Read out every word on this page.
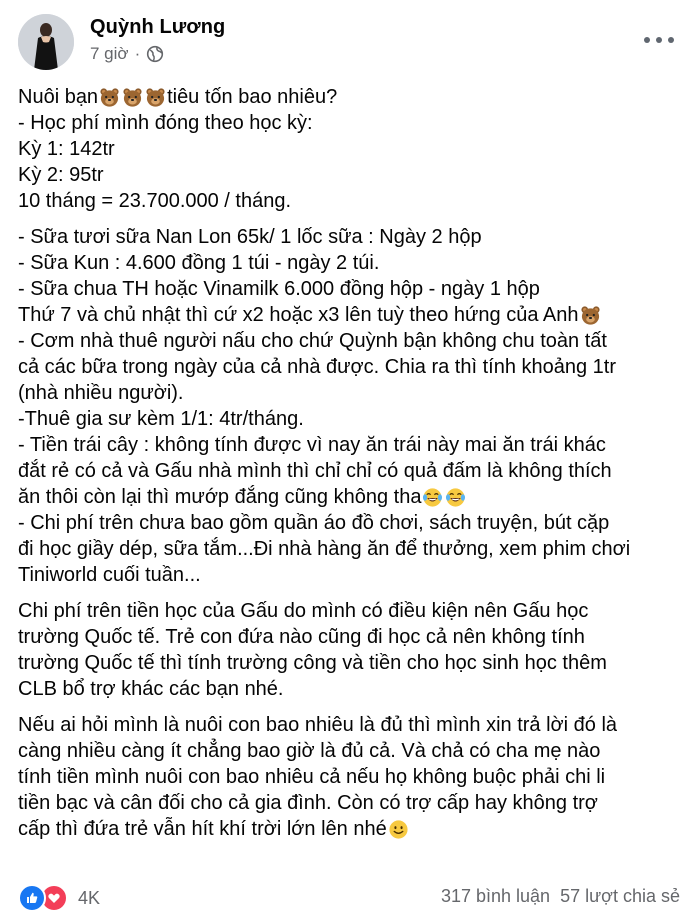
Quỳnh Lương
7 giờ ·
Nuôi bạn	tiêu tốn bao nhiêu?
- Học phí mình đóng theo học kỳ:
Kỳ 1: 142tr
Kỳ 2: 95tr
10 tháng = 23.700.000 / tháng.
- Sữa tươi sữa Nan Lon 65k/ 1 lốc sữa : Ngày 2 hộp
- Sữa Kun : 4.600 đồng 1 túi - ngày 2 túi.
- Sữa chua TH hoặc Vinamilk 6.000 đồng hộp - ngày 1 hộp
Thứ 7 và chủ nhật thì cứ x2 hoặc x3 lên tuỳ theo hứng của Anh
- Cơm nhà thuê người nấu cho chứ Quỳnh bận không chu toàn tất
cả các bữa trong ngày của cả nhà được. Chia ra thì tính khoảng 1tr
(nhà nhiều người).
-Thuê gia sư kèm 1/1: 4tr/tháng.
- Tiền trái cây : không tính được vì nay ăn trái này mai ăn trái khác
đắt rẻ có cả và Gấu nhà mình thì chỉ chỉ có quả đấm là không thích
ăn thôi còn lại thì mướp đắng cũng không tha
- Chi phí trên chưa bao gồm quần áo đồ chơi, sách truyện, bút cặp
đi học giầy dép, sữa tắm...Đi nhà hàng ăn để thưởng, xem phim chơi
Tiniworld cuối tuần...
Chi phí trên tiền học của Gấu do mình có điều kiện nên Gấu học
trường Quốc tế. Trẻ con đứa nào cũng đi học cả nên không tính
trường Quốc tế thì tính trường công và tiền cho học sinh học thêm
CLB bổ trợ khác các bạn nhé.
Nếu ai hỏi mình là nuôi con bao nhiêu là đủ thì mình xin trả lời đó là
càng nhiều càng ít chẳng bao giờ là đủ cả. Và chả có cha mẹ nào
tính tiền mình nuôi con bao nhiêu cả nếu họ không buộc phải chi li
tiền bạc và cân đối cho cả gia đình. Còn có trợ cấp hay không trợ
cấp thì đứa trẻ vẫn hít khí trời lớn lên nhé
4K	317 bình luận 57 lượt chia sẻ
